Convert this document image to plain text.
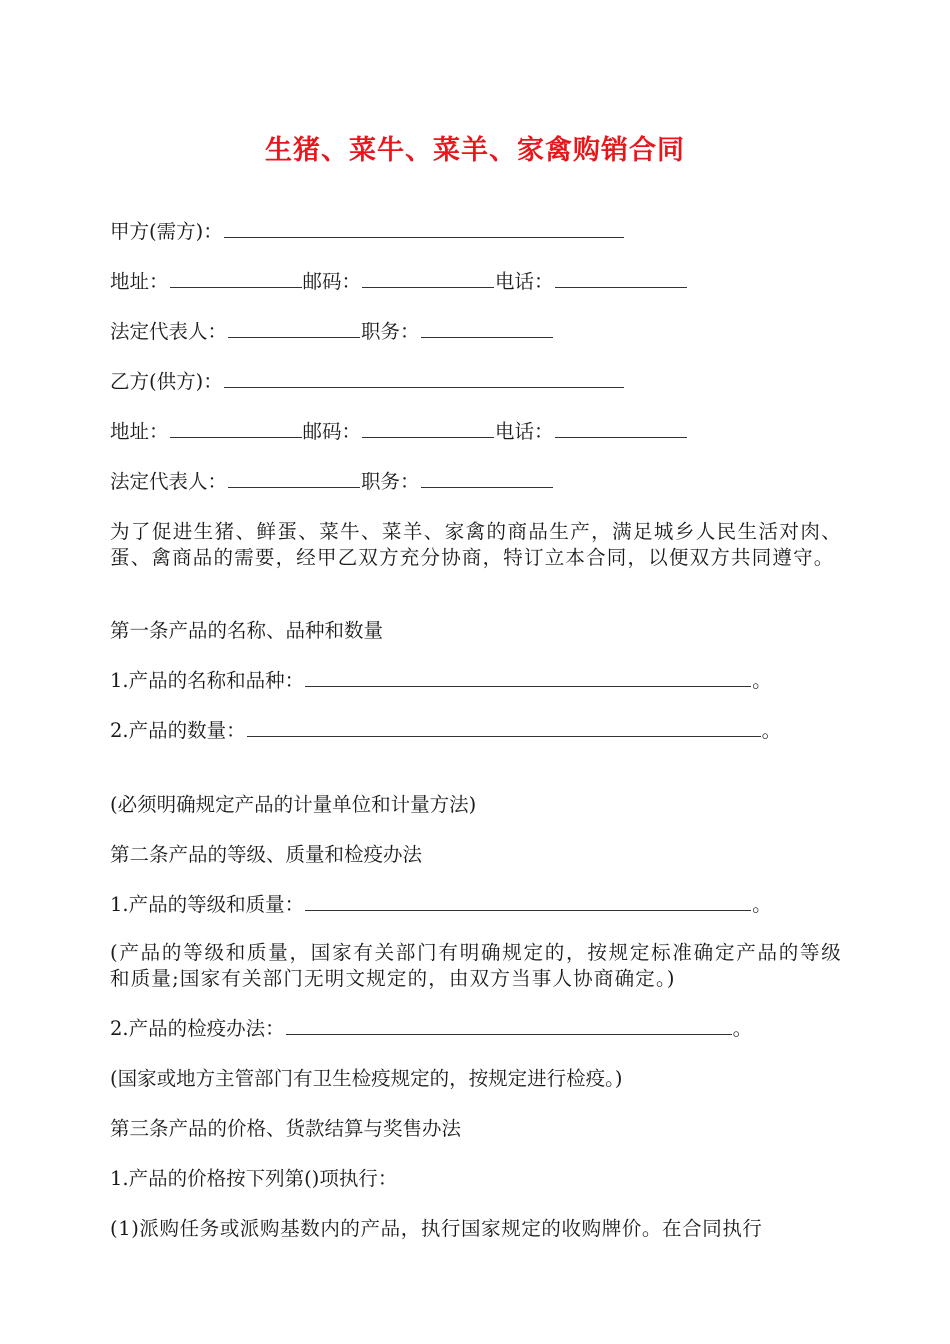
生猪、菜牛、菜羊、家禽购销合同
甲方(需方)：
地址：	邮码：	电话：
法定代表人：	职务：
乙方(供方)：
地址：	邮码：	电话：
法定代表人：	职务：
为了促进生猪、鲜蛋、菜牛、菜羊、家禽的商品生产，满足城乡人民生活对肉、蛋、禽商品的需要，经甲乙双方充分协商，特订立本合同，以便双方共同遵守。
第一条产品的名称、品种和数量
1.产品的名称和品种：	。
2.产品的数量：	。
(必须明确规定产品的计量单位和计量方法)
第二条产品的等级、质量和检疫办法
1.产品的等级和质量：	。
(产品的等级和质量，国家有关部门有明确规定的，按规定标准确定产品的等级和质量;国家有关部门无明文规定的，由双方当事人协商确定。)
2.产品的检疫办法：	。
(国家或地方主管部门有卫生检疫规定的，按规定进行检疫。)
第三条产品的价格、货款结算与奖售办法
1.产品的价格按下列第()项执行：
(1)派购任务或派购基数内的产品，执行国家规定的收购牌价。在合同执行
